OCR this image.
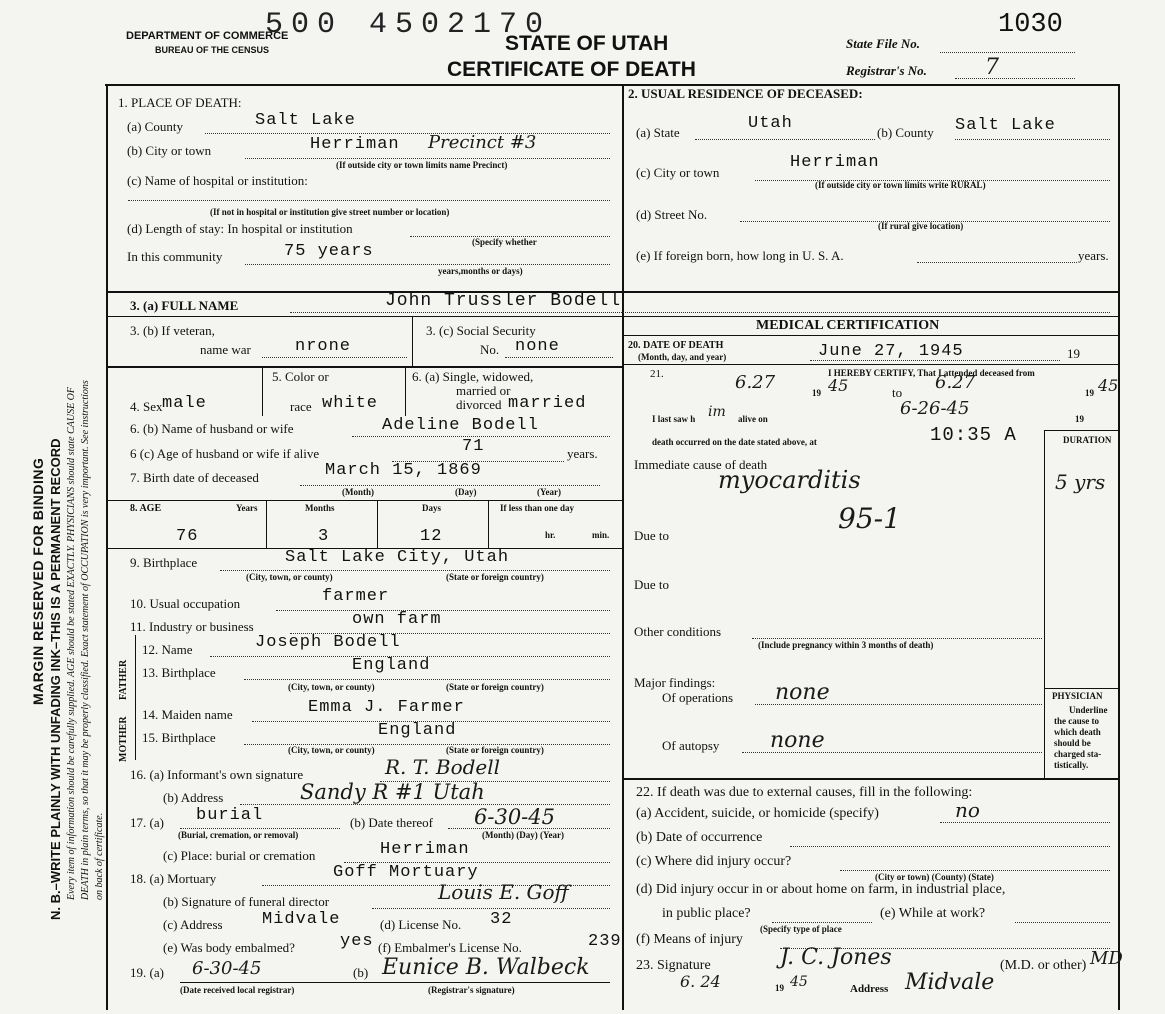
MARGIN RESERVED FOR BINDING N. B.–WRITE PLAINLY WITH UNFADING INK–THIS IS A PERMANENT RECORD Every item of information should be carefully supplied. AGE should be stated EXACTLY. PHYSICIANS should state CAUSE OF DEATH in plain terms, so that it may be properly classified. Exact statement of OCCUPATION is very important. See instructions on back of certificate.
DEPARTMENT OF COMMERCE
BUREAU OF THE CENSUS
500 4502170
STATE OF UTAH
CERTIFICATE OF DEATH
State File No.
1030
Registrar's No.	7
1. PLACE OF DEATH:
(a) County	Salt Lake
(b) City or town	Herriman Precinct #3
(If outside city or town limits name Precinct)
(c) Name of hospital or institution:
(If not in hospital or institution give street number or location)
(d) Length of stay: In hospital or institution
(Specify whether
In this community	75 years
years,months or days)
2. USUAL RESIDENCE OF DECEASED:
(a) State	Utah	(b) County Salt Lake
(c) City or town
Herriman
(If outside city or town limits write RURAL)
(d) Street No.
(If rural give location)
(e) If foreign born, how long in U. S. A.	years.
3. (a) FULL NAME	John Trussler Bodell
3. (b) If veteran,
name war	nrone
3. (c) Social Security
No. none
5. Color or	6. (a) Single, widowed,
married or
divorced married
4. Sex male	race white
6. (b) Name of husband or wife	Adeline Bodell
6 (c) Age of husband or wife if alive	71	years.
7. Birth date of deceased	March 15, 1869
(Month)	(Day)	(Year)
8. AGE	Years	Months	Days	If less than one day
hr.	min.
76	3	12
9. Birthplace	Salt Lake City, Utah
(City, town, or county)	(State or foreign country)
10. Usual occupation	farmer
11. Industry or business	own farm
FATHER
MOTHER
12. Name	Joseph Bodell
13. Birthplace	England
(City, town, or county)	(State or foreign country)
14. Maiden name	Emma J. Farmer
15. Birthplace	England
(City, town, or county)	(State or foreign country)
16. (a) Informant's own signature	R. T. Bodell
(b) Address	Sandy R #1 Utah
17. (a) burial
(Burial, cremation, or removal)
(b) Date thereof 6-30-45
(Month) (Day) (Year)
(c) Place: burial or cremation	Herriman
18. (a) Mortuary	Goff Mortuary
(b) Signature of funeral director	Louis E. Goff
(c) Address Midvale	(d) License No. 32
(e) Was body embalmed?	yes (f) Embalmer's License No.	239
19. (a) 6-30-45	(b) Eunice B. Walbeck
(Date received local registrar)	(Registrar's signature)
MEDICAL CERTIFICATION
20. DATE OF DEATH
(Month, day, and year)	June 27, 1945	19
21.	I HEREBY CERTIFY, That I attended deceased from
6.27	19 45	to 6.27	19 45
I last saw h im alive on	6-26-45	19
death occurred on the date stated above, at	10:35 A	DURATION
Immediate cause of death
myocarditis	5 yrs
95-1
Due to
Due to
Other conditions
(Include pregnancy within 3 months of death)
Major findings:
Of operations none
Of autopsy none
PHYSICIAN
Underline
the cause to
which death
should be
charged sta-
tistically.
22. If death was due to external causes, fill in the following:
(a) Accident, suicide, or homicide (specify)	no
(b) Date of occurrence
(c) Where did injury occur?
(City or town) (County) (State)
(d) Did injury occur in or about home on farm, in industrial place,
in public place?
(Specify type of place
(e) While at work?
(f) Means of injury
23. Signature	J. C. Jones	(M.D. or other) MD
6. 24	19 45	Address Midvale
